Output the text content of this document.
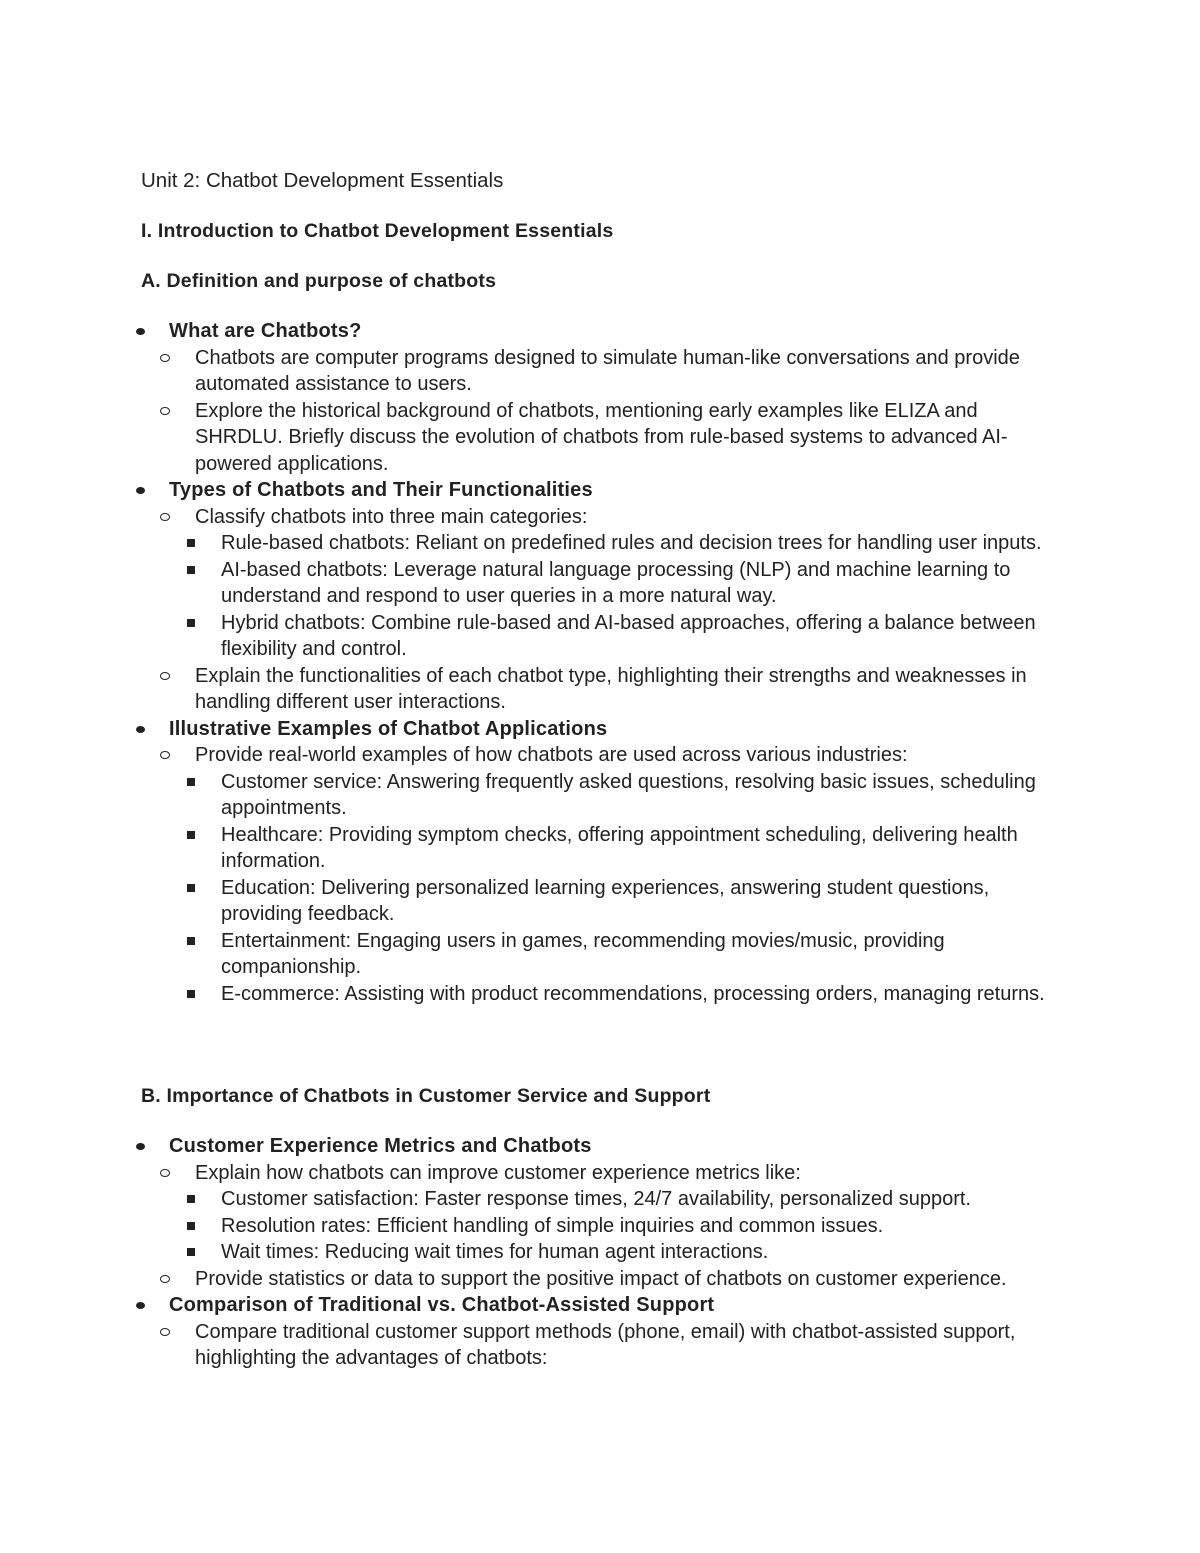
Unit 2: Chatbot Development Essentials
I. Introduction to Chatbot Development Essentials
A. Definition and purpose of chatbots
What are Chatbots?
Chatbots are computer programs designed to simulate human-like conversations and provide automated assistance to users.
Explore the historical background of chatbots, mentioning early examples like ELIZA and SHRDLU. Briefly discuss the evolution of chatbots from rule-based systems to advanced AI-powered applications.
Types of Chatbots and Their Functionalities
Classify chatbots into three main categories:
Rule-based chatbots: Reliant on predefined rules and decision trees for handling user inputs.
AI-based chatbots: Leverage natural language processing (NLP) and machine learning to understand and respond to user queries in a more natural way.
Hybrid chatbots: Combine rule-based and AI-based approaches, offering a balance between flexibility and control.
Explain the functionalities of each chatbot type, highlighting their strengths and weaknesses in handling different user interactions.
Illustrative Examples of Chatbot Applications
Provide real-world examples of how chatbots are used across various industries:
Customer service: Answering frequently asked questions, resolving basic issues, scheduling appointments.
Healthcare: Providing symptom checks, offering appointment scheduling, delivering health information.
Education: Delivering personalized learning experiences, answering student questions, providing feedback.
Entertainment: Engaging users in games, recommending movies/music, providing companionship.
E-commerce: Assisting with product recommendations, processing orders, managing returns.
B. Importance of Chatbots in Customer Service and Support
Customer Experience Metrics and Chatbots
Explain how chatbots can improve customer experience metrics like:
Customer satisfaction: Faster response times, 24/7 availability, personalized support.
Resolution rates: Efficient handling of simple inquiries and common issues.
Wait times: Reducing wait times for human agent interactions.
Provide statistics or data to support the positive impact of chatbots on customer experience.
Comparison of Traditional vs. Chatbot-Assisted Support
Compare traditional customer support methods (phone, email) with chatbot-assisted support, highlighting the advantages of chatbots:
